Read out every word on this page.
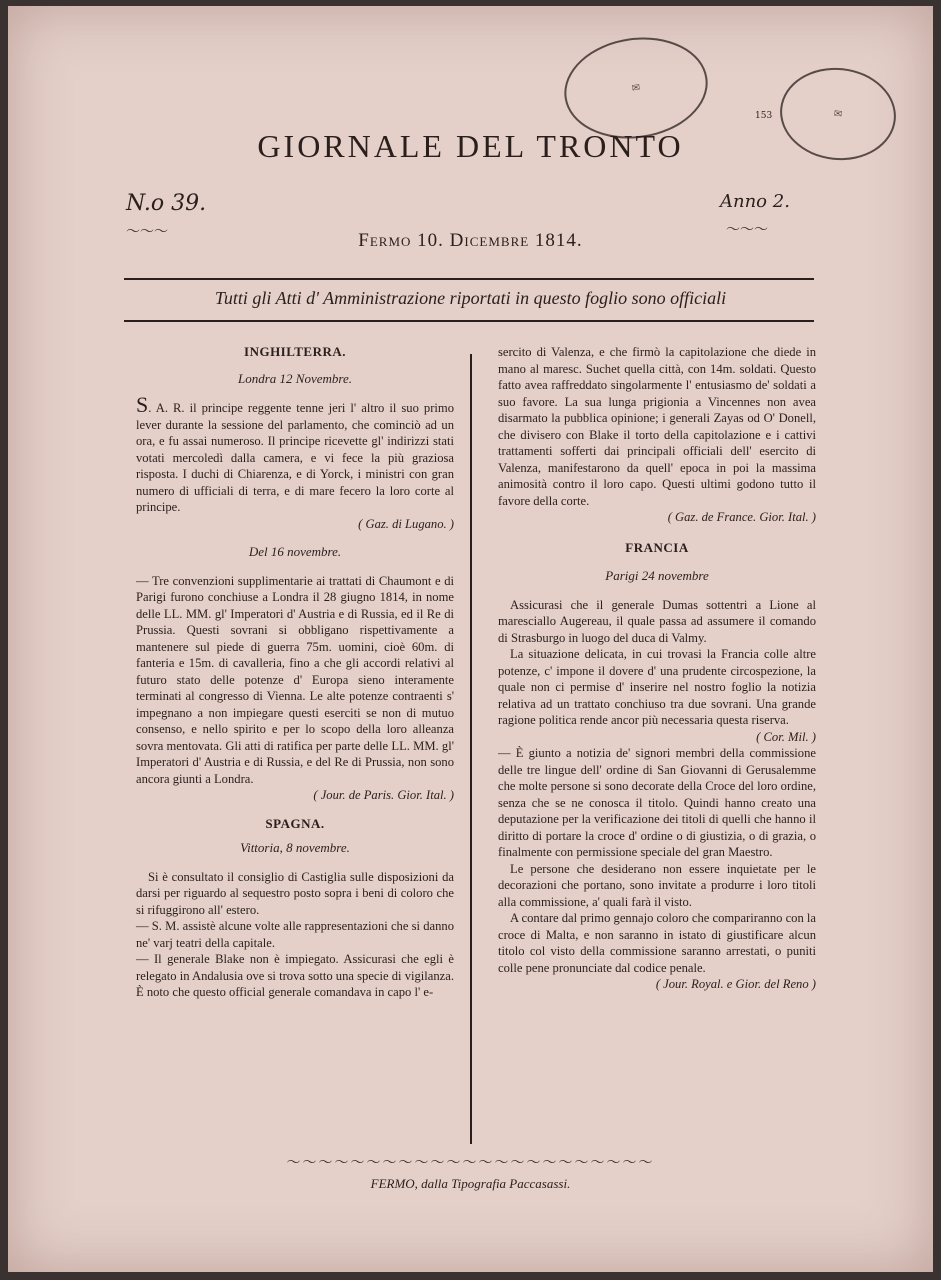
✉
✉
GIORNALE DEL TRONTO
153
N.o 39.	Anno 2.
〜〜〜	〜〜〜
Fermo 10. Dicembre 1814.
Tutti gli Atti d' Amministrazione riportati in questo foglio sono officiali

INGHILTERRA.

Londra 12 Novembre.

S. A. R. il principe reggente tenne jeri l' altro il suo primo lever durante la sessione del parlamento, che cominciò ad un ora, e fu assai numeroso. Il principe ricevette gl' indirizzi stati votati mercoledì dalla camera, e vi fece la più graziosa risposta. I duchi di Chiarenza, e di Yorck, i ministri con gran numero di ufficiali di terra, e di mare fecero la loro corte al principe.

( Gaz. di Lugano. )

Del 16 novembre.

— Tre convenzioni supplimentarie ai trattati di Chaumont e di Parigi furono conchiuse a Londra il 28 giugno 1814, in nome delle LL. MM. gl' Imperatori d' Austria e di Russia, ed il Re di Prussia. Questi sovrani si obbligano rispettivamente a mantenere sul piede di guerra 75m. uomini, cioè 60m. di fanteria e 15m. di cavalleria, fino a che gli accordi relativi al futuro stato delle potenze d' Europa sieno interamente terminati al congresso di Vienna. Le alte potenze contraenti s' impegnano a non impiegare questi eserciti se non di mutuo consenso, e nello spirito e per lo scopo della loro alleanza sovra mentovata. Gli atti di ratifica per parte delle LL. MM. gl' Imperatori d' Austria e di Russia, e del Re di Prussia, non sono ancora giunti a Londra.

( Jour. de Paris. Gior. Ital. )

SPAGNA.

Vittoria, 8 novembre.

Si è consultato il consiglio di Castiglia sulle disposizioni da darsi per riguardo al sequestro posto sopra i beni di coloro che si rifuggirono all' estero.

— S. M. assistè alcune volte alle rappresentazioni che si danno ne' varj teatri della capitale.

— Il generale Blake non è impiegato. Assicurasi che egli è relegato in Andalusia ove si trova sotto una specie di vigilanza. È noto che questo official generale comandava in capo l' e-

sercito di Valenza, e che firmò la capitolazione che diede in mano al maresc. Suchet quella città, con 14m. soldati. Questo fatto avea raffreddato singolarmente l' entusiasmo de' soldati a suo favore. La sua lunga prigionia a Vincennes non avea disarmato la pubblica opinione; i generali Zayas od O' Donell, che divisero con Blake il torto della capitolazione e i cattivi trattamenti sofferti dai principali officiali dell' esercito di Valenza, manifestarono da quell' epoca in poi la massima animosità contro il loro capo. Questi ultimi godono tutto il favore della corte.

( Gaz. de France. Gior. Ital. )

FRANCIA

Parigi 24 novembre

Assicurasi che il generale Dumas sottentri a Lione al maresciallo Augereau, il quale passa ad assumere il comando di Strasburgo in luogo del duca di Valmy.

La situazione delicata, in cui trovasi la Francia colle altre potenze, c' impone il dovere d' una prudente circospezione, la quale non ci permise d' inserire nel nostro foglio la notizia relativa ad un trattato conchiuso tra due sovrani. Una grande ragione politica rende ancor più necessaria questa riserva.

( Cor. Mil. )

— È giunto a notizia de' signori membri della commissione delle tre lingue dell' ordine di San Giovanni di Gerusalemme che molte persone si sono decorate della Croce del loro ordine, senza che se ne conosca il titolo. Quindi hanno creato una deputazione per la verificazione dei titoli di quelli che hanno il diritto di portare la croce d' ordine o di giustizia, o di grazia, o finalmente con permissione speciale del gran Maestro.

Le persone che desiderano non essere inquietate per le decorazioni che portano, sono invitate a produrre i loro titoli alla commissione, a' quali farà il visto.

A contare dal primo gennajo coloro che compariranno con la croce di Malta, e non saranno in istato di giustificare alcun titolo col visto della commissione saranno arrestati, o puniti colle pene pronunciate dal codice penale.

( Jour. Royal. e Gior. del Reno )

〜〜〜〜〜〜〜〜〜〜〜〜〜〜〜〜〜〜〜〜〜〜〜
FERMO, dalla Tipografia Paccasassi.
